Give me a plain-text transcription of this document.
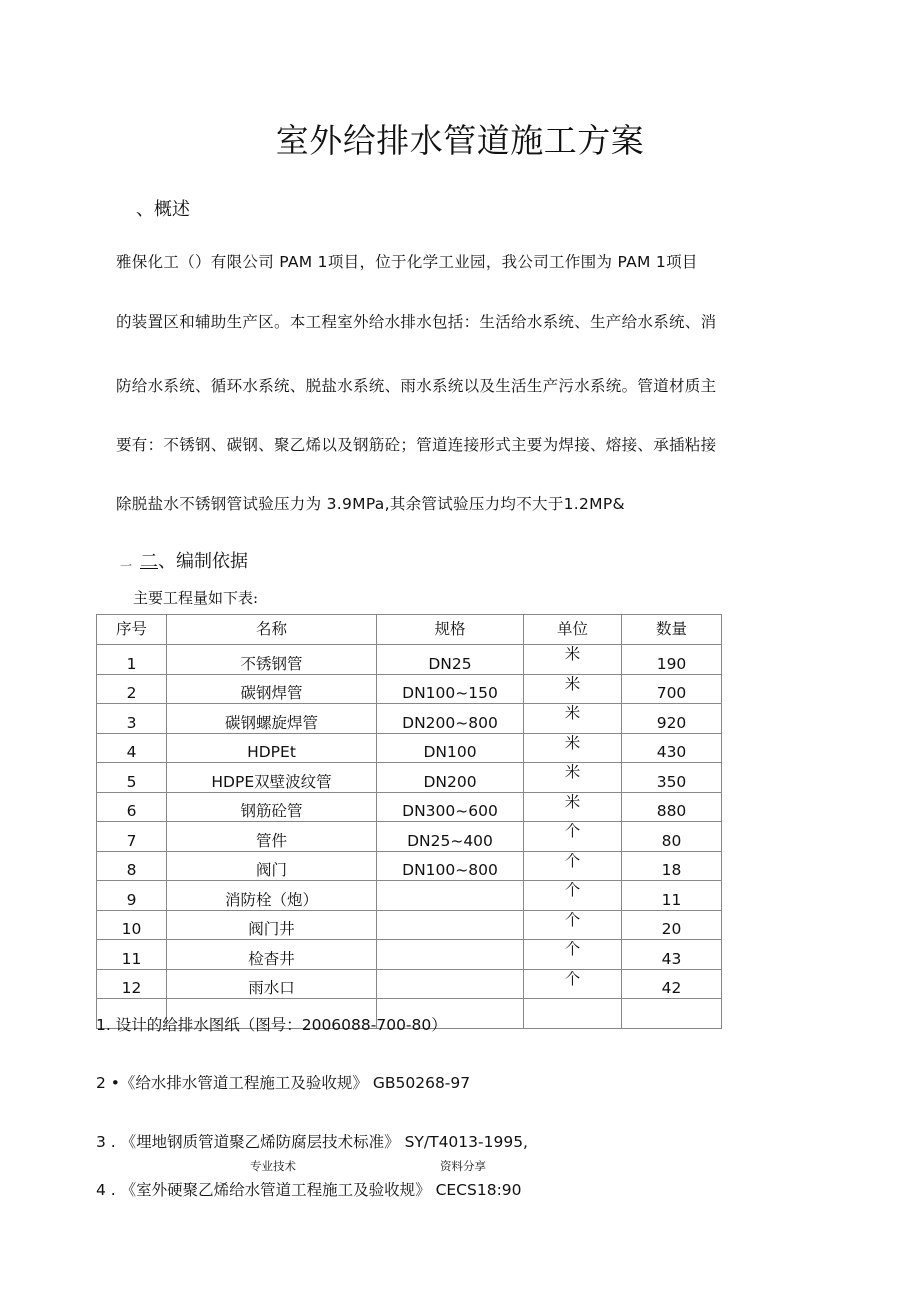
室外给排水管道施工方案
、概述
雅保化工（）有限公司 PAM 1项目，位于化学工业园，我公司工作围为 PAM 1项目
的装置区和辅助生产区。本工程室外给水排水包括：生活给水系统、生产给水系统、消
防给水系统、循环水系统、脱盐水系统、雨水系统以及生活生产污水系统。管道材质主
要有：不锈钢、碳钢、聚乙烯以及钢筋砼；管道连接形式主要为焊接、熔接、承插粘接
除脱盐水不锈钢管试验压力为 3.9MPa,其余管试验压力均不大于1.2MP&
一 二、编制依据
主要工程量如下表:
序号	名称	规格	单位	数量
1	不锈钢管	DN25	米	190
2	碳钢焊管	DN100~150	米	700
3	碳钢螺旋焊管	DN200~800	米	920
4	HDPEt	DN100	米	430
5	HDPE双壁波纹管	DN200	米	350
6	钢筋砼管	DN300~600	米	880
7	管件	DN25~400	个	80
8	阀门	DN100~800	个	18
9	消防栓（炮）		个	11
10	阀门井		个	20
11	检杳井		个	43
12	雨水口		个	42

1. 设计的给排水图纸（图号：2006088-700-80）
2 •《给水排水管道工程施工及验收规》 GB50268-97
3 . 《埋地钢质管道聚乙烯防腐层技术标准》 SY/T4013-1995,
专业技术	资料分享
4 . 《室外硬聚乙烯给水管道工程施工及验收规》 CECS18:90
